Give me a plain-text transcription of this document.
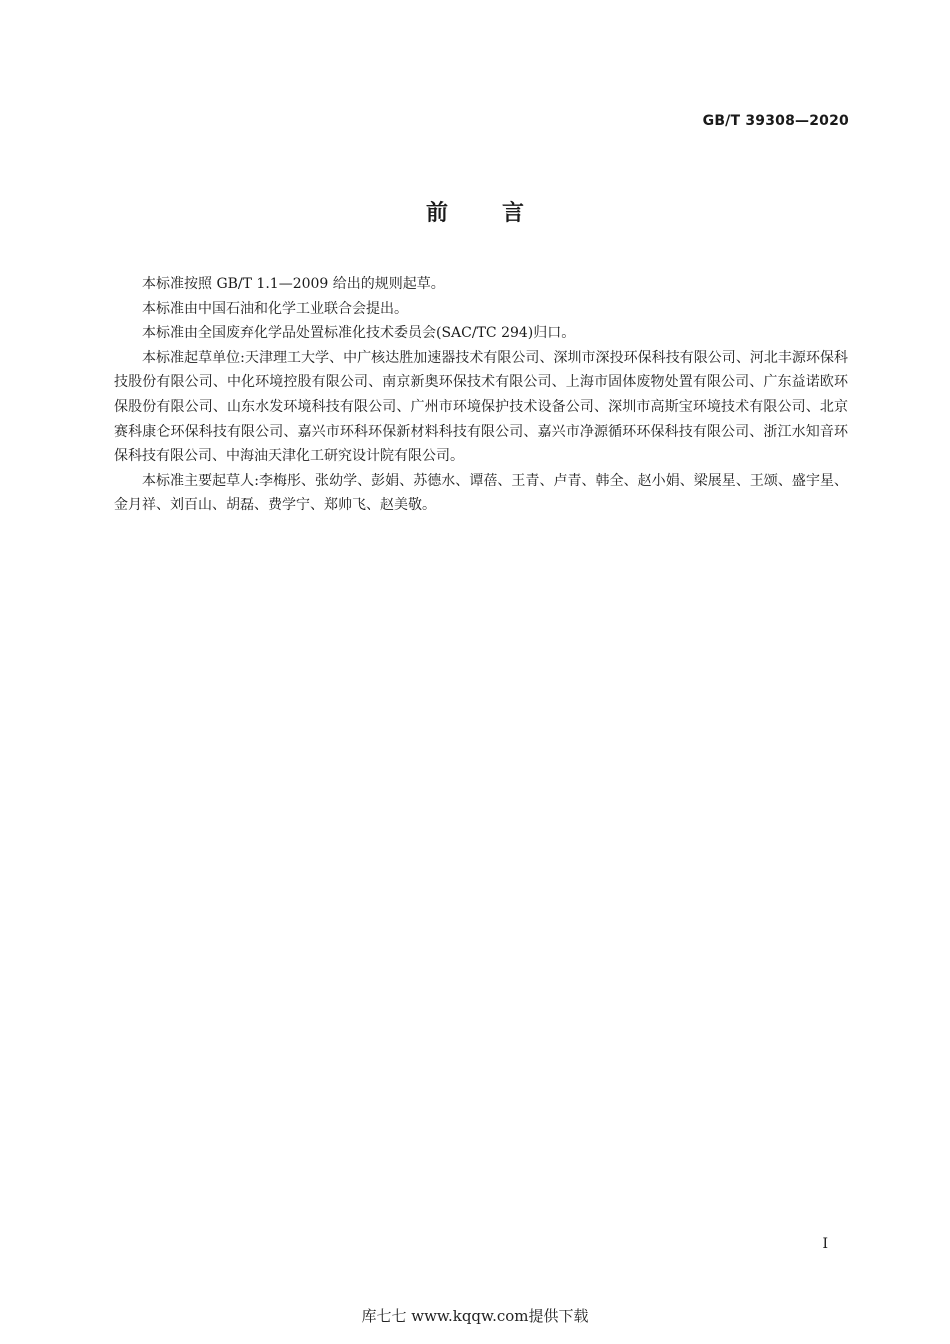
GB/T 39308—2020
前 言

本标准按照 GB/T 1.1—2009 给出的规则起草。

本标准由中国石油和化学工业联合会提出。

本标准由全国废弃化学品处置标准化技术委员会(SAC/TC 294)归口。

本标准起草单位:天津理工大学、中广核达胜加速器技术有限公司、深圳市深投环保科技有限公司、河北丰源环保科技股份有限公司、中化环境控股有限公司、南京新奥环保技术有限公司、上海市固体废物处置有限公司、广东益诺欧环保股份有限公司、山东水发环境科技有限公司、广州市环境保护技术设备公司、深圳市高斯宝环境技术有限公司、北京赛科康仑环保科技有限公司、嘉兴市环科环保新材料科技有限公司、嘉兴市净源循环环保科技有限公司、浙江水知音环保科技有限公司、中海油天津化工研究设计院有限公司。

本标准主要起草人:李梅彤、张幼学、彭娟、苏德水、谭蓓、王青、卢青、韩全、赵小娟、梁展星、王颂、盛宇星、金月祥、刘百山、胡磊、费学宁、郑帅飞、赵美敬。

I
库七七 www.kqqw.com提供下载
